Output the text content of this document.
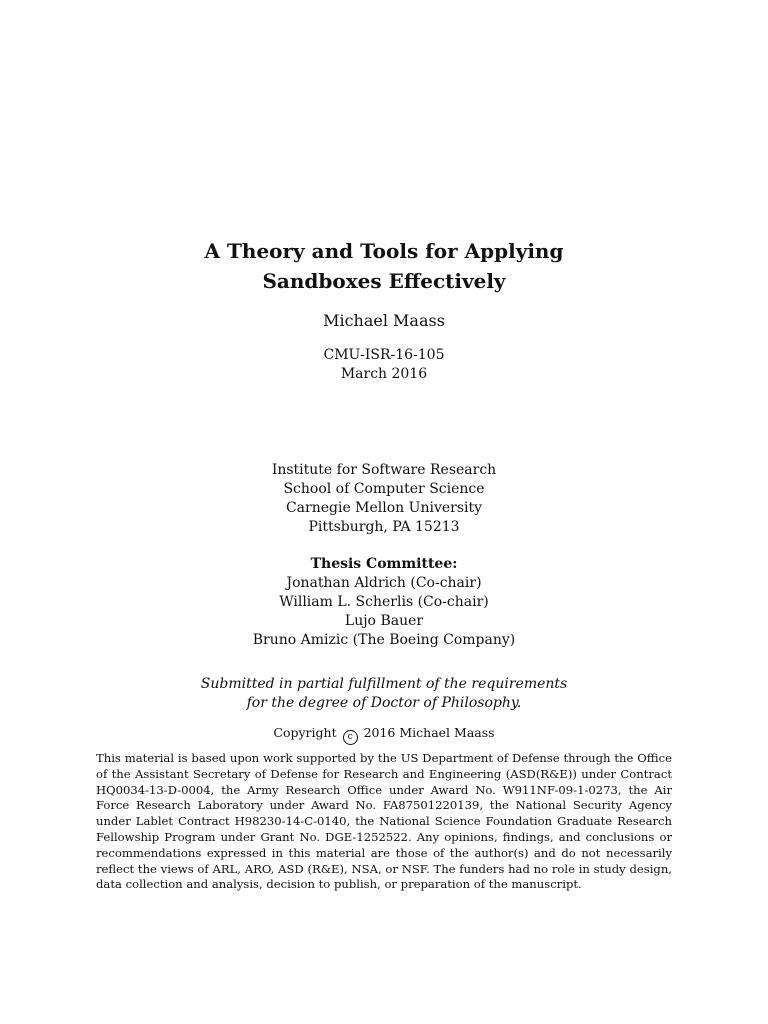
A Theory and Tools for Applying
Sandboxes Effectively
Michael Maass
CMU-ISR-16-105
March 2016
Institute for Software Research
School of Computer Science
Carnegie Mellon University
Pittsburgh, PA 15213
Thesis Committee:
Jonathan Aldrich (Co-chair)
William L. Scherlis (Co-chair)
Lujo Bauer
Bruno Amizic (The Boeing Company)
Submitted in partial fulfillment of the requirements
for the degree of Doctor of Philosophy.
Copyright c 2016 Michael Maass
This material is based upon work supported by the US Department of Defense through the Office of the Assistant Secretary of Defense for Research and Engineering (ASD(R&E)) under Contract HQ0034-13-D-0004, the Army Research Office under Award No. W911NF-09-1-0273, the Air Force Research Laboratory under Award No. FA87501220139, the National Security Agency under Lablet Contract H98230-14-C-0140, the National Science Foundation Graduate Research Fellowship Program under Grant No. DGE-1252522. Any opinions, findings, and conclusions or recommendations expressed in this material are those of the author(s) and do not necessarily reflect the views of ARL, ARO, ASD (R&E), NSA, or NSF. The funders had no role in study design, data collection and analysis, decision to publish, or preparation of the manuscript.
